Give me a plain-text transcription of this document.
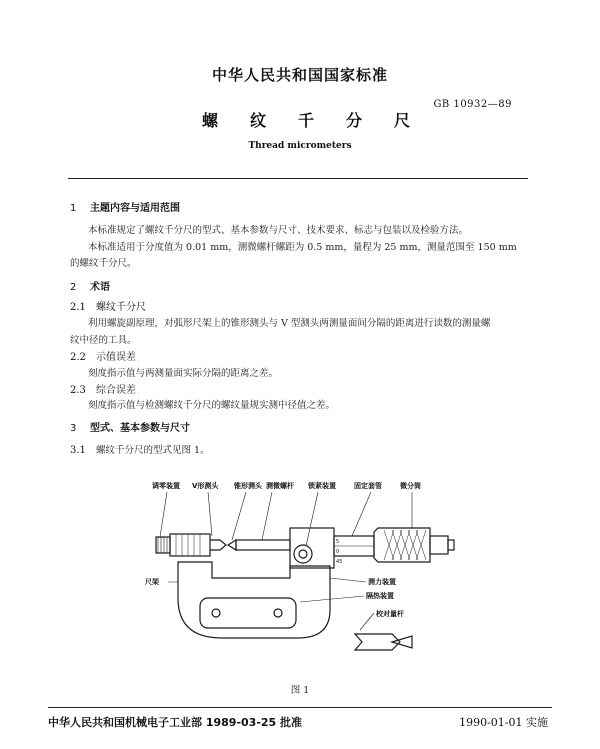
中华人民共和国国家标准
GB 10932—89
螺纹千分尺
Thread micrometers
1 主题内容与适用范围
本标准规定了螺纹千分尺的型式、基本参数与尺寸、技术要求、标志与包装以及检验方法。
本标准适用于分度值为 0.01 mm，测微螺杆螺距为 0.5 mm，量程为 25 mm，测量范围至 150 mm
的螺纹千分尺。
2 术语
2.1 螺纹千分尺
利用螺旋副原理，对弧形尺架上的锥形测头与 V 型测头两测量面间分隔的距离进行读数的测量螺
纹中径的工具。
2.2 示值误差
刻度指示值与两测量面实际分隔的距离之差。
2.3 综合误差
刻度指示值与检测螺纹千分尺的螺纹量规实测中径值之差。
3 型式、基本参数与尺寸
3.1 螺纹千分尺的型式见图 1。
5
0
45
调零装置 V形测头 锥形测头 测微螺杆 锁紧装置	固定套管	微分筒
尺架	测力装置
隔热装置
校对量杆
图 1
中华人民共和国机械电子工业部 1989-03-25 批准	1990-01-01 实施
